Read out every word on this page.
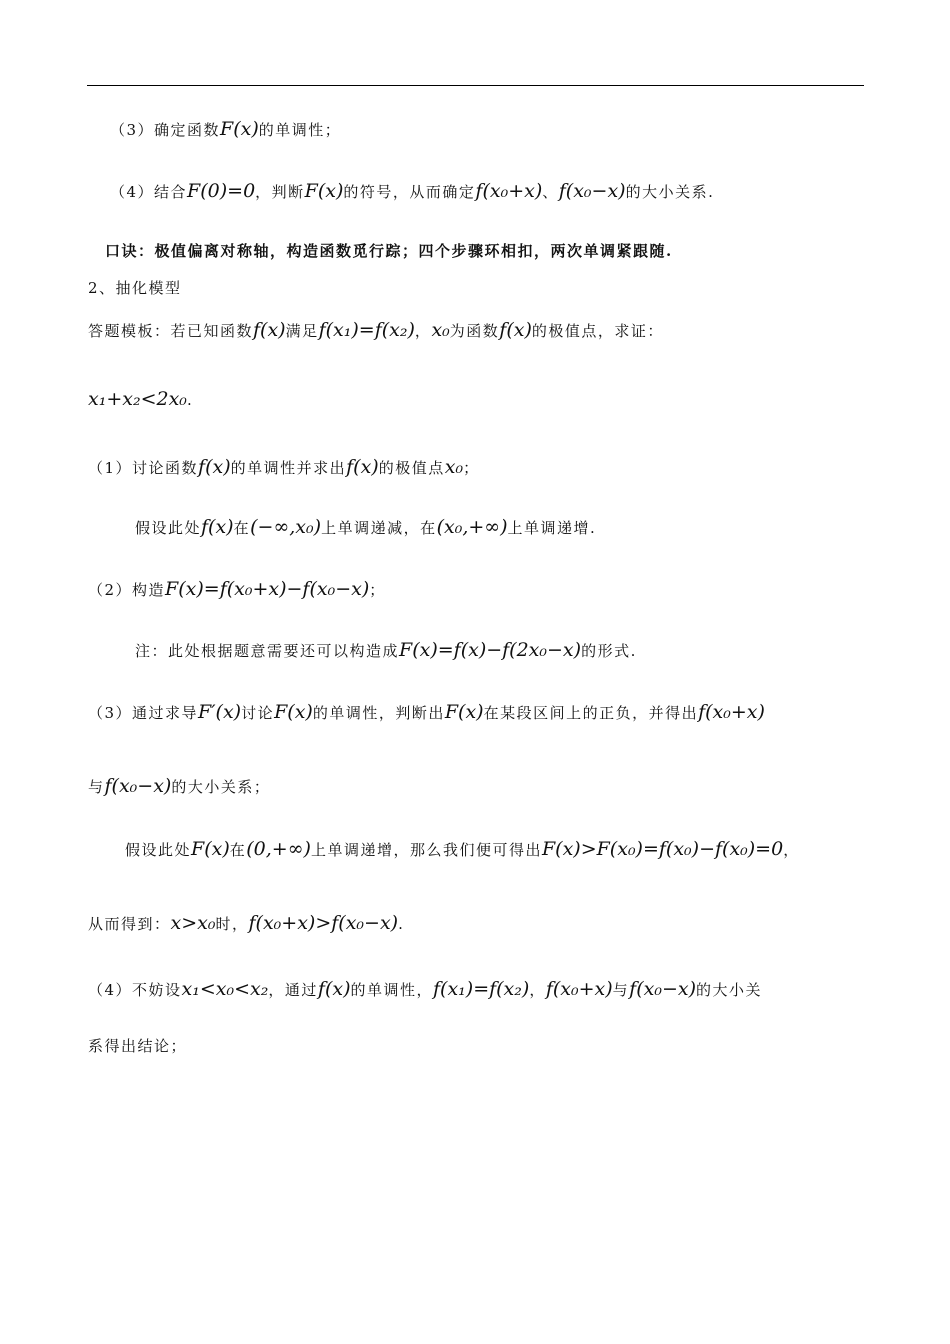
（3）确定函数F(x)的单调性；
（4）结合F(0)=0，判断F(x)的符号，从而确定f(x₀+x)、f(x₀−x)的大小关系.
口诀：极值偏离对称轴，构造函数觅行踪；四个步骤环相扣，两次单调紧跟随.
2、抽化模型
答题模板：若已知函数f(x)满足f(x₁)=f(x₂)，x₀为函数f(x)的极值点，求证：
x₁+x₂<2x₀.
（1）讨论函数f(x)的单调性并求出f(x)的极值点x₀；
假设此处f(x)在(−∞,x₀)上单调递减，在(x₀,+∞)上单调递增.
（2）构造F(x)=f(x₀+x)−f(x₀−x)；
注：此处根据题意需要还可以构造成F(x)=f(x)−f(2x₀−x)的形式.
（3）通过求导F′(x)讨论F(x)的单调性，判断出F(x)在某段区间上的正负，并得出f(x₀+x)
与f(x₀−x)的大小关系；
假设此处F(x)在(0,+∞)上单调递增，那么我们便可得出F(x)>F(x₀)=f(x₀)−f(x₀)=0，
从而得到：x>x₀时，f(x₀+x)>f(x₀−x).
（4）不妨设x₁<x₀<x₂，通过f(x)的单调性，f(x₁)=f(x₂)，f(x₀+x)与f(x₀−x)的大小关
系得出结论；
